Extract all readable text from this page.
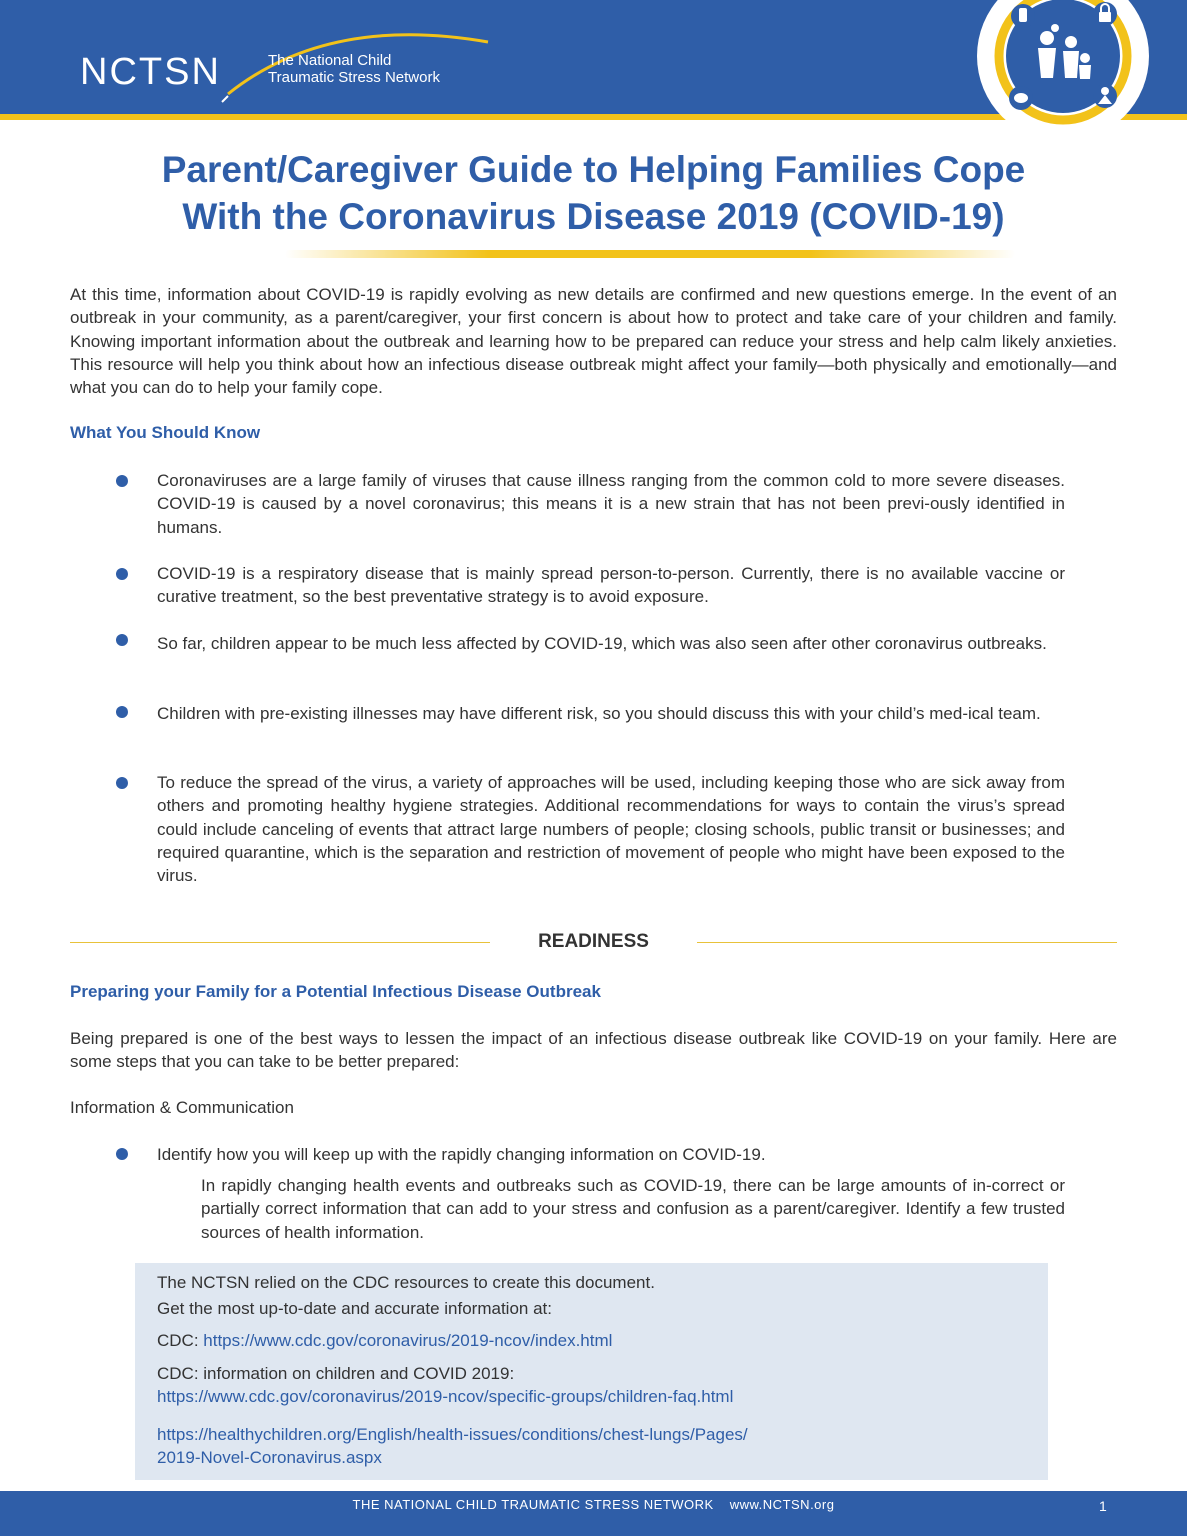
NCTSN	The National Child
Traumatic Stress Network
Parent/Caregiver Guide to Helping Families Cope
With the Coronavirus Disease 2019 (COVID-19)
At this time, information about COVID-19 is rapidly evolving as new details are confirmed and new questions emerge. In the event of an outbreak in your community, as a parent/caregiver, your first concern is about how to protect and take care of your children and family. Knowing important information about the outbreak and learning how to be prepared can reduce your stress and help calm likely anxieties. This resource will help you think about how an infectious disease outbreak might affect your family—both physically and emotionally—and what you can do to help your family cope.
What You Should Know
Coronaviruses are a large family of viruses that cause illness ranging from the common cold to more severe diseases. COVID-19 is caused by a novel coronavirus; this means it is a new strain that has not been previ-ously identified in humans.
COVID-19 is a respiratory disease that is mainly spread person-to-person. Currently, there is no available vaccine or curative treatment, so the best preventative strategy is to avoid exposure.
So far, children appear to be much less affected by COVID-19, which was also seen after other coronavirus outbreaks.
Children with pre-existing illnesses may have different risk, so you should discuss this with your child’s med-ical team.
To reduce the spread of the virus, a variety of approaches will be used, including keeping those who are sick away from others and promoting healthy hygiene strategies. Additional recommendations for ways to contain the virus’s spread could include canceling of events that attract large numbers of people; closing schools, public transit or businesses; and required quarantine, which is the separation and restriction of movement of people who might have been exposed to the virus.
READINESS
Preparing your Family for a Potential Infectious Disease Outbreak
Being prepared is one of the best ways to lessen the impact of an infectious disease outbreak like COVID-19 on your family. Here are some steps that you can take to be better prepared:
Information & Communication
Identify how you will keep up with the rapidly changing information on COVID-19.
In rapidly changing health events and outbreaks such as COVID-19, there can be large amounts of in-correct or partially correct information that can add to your stress and confusion as a parent/caregiver. Identify a few trusted sources of health information.
The NCTSN relied on the CDC resources to create this document.
Get the most up-to-date and accurate information at:
CDC: https://www.cdc.gov/coronavirus/2019-ncov/index.html
CDC: information on children and COVID 2019:
https://www.cdc.gov/coronavirus/2019-ncov/specific-groups/children-faq.html
https://healthychildren.org/English/health-issues/conditions/chest-lungs/Pages/
2019-Novel-Coronavirus.aspx
THE NATIONAL CHILD TRAUMATIC STRESS NETWORK www.NCTSN.org	1
